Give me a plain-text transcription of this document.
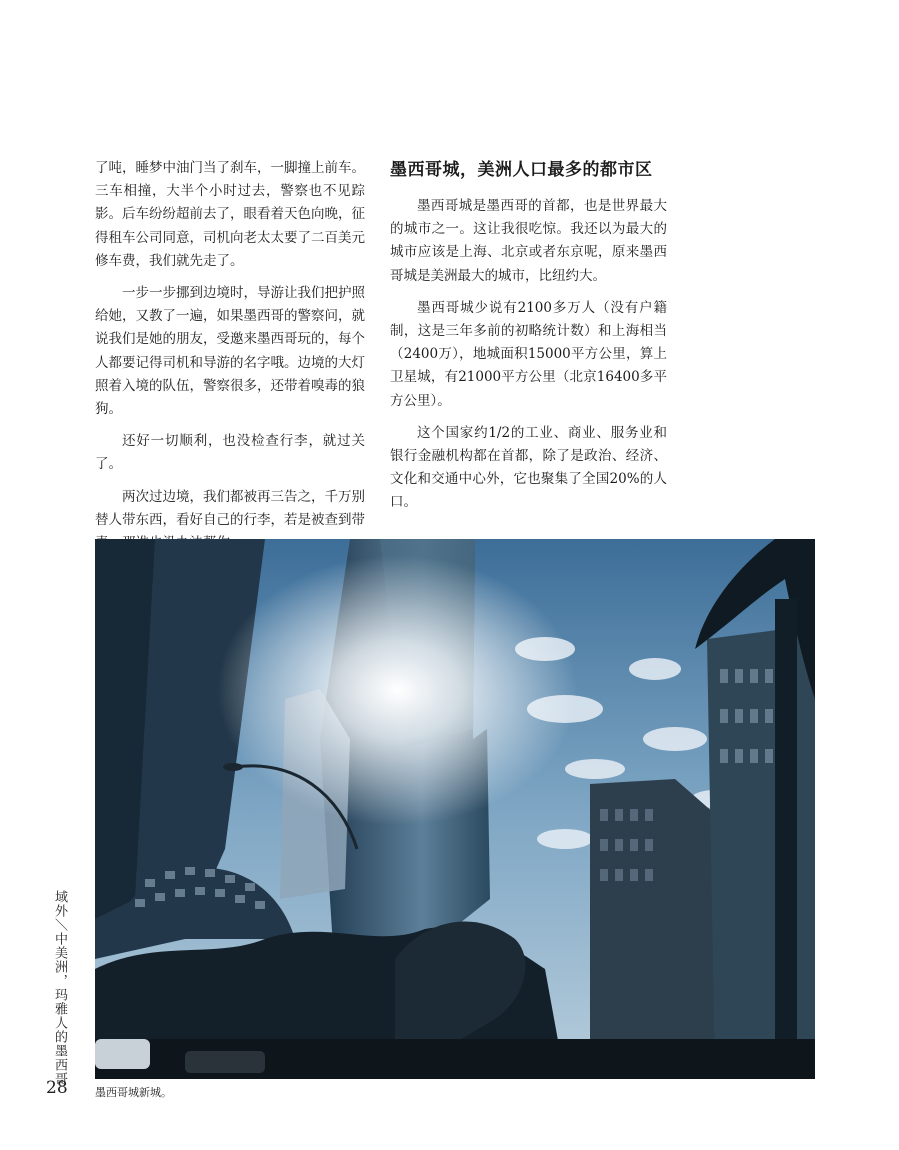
了吨，睡梦中油门当了刹车，一脚撞上前车。三车相撞，大半个小时过去，警察也不见踪影。后车纷纷超前去了，眼看着天色向晚，征得租车公司同意，司机向老太太要了二百美元修车费，我们就先走了。

一步一步挪到边境时，导游让我们把护照给她，又教了一遍，如果墨西哥的警察问，就说我们是她的朋友，受邀来墨西哥玩的，每个人都要记得司机和导游的名字哦。边境的大灯照着入境的队伍，警察很多，还带着嗅毒的狼狗。

还好一切顺利，也没检查行李，就过关了。

两次过边境，我们都被再三告之，千万别替人带东西，看好自己的行李，若是被查到带

墨西哥城，美洲人口最多的都市区

墨西哥城是墨西哥的首都，也是世界最大的城市之一。这让我很吃惊。我还以为最大的城市应该是上海、北京或者东京呢，原来墨西哥城是美洲最大的城市，比纽约大。

墨西哥城少说有2100多万人（没有户籍制，这是三年多前的初略统计数）和上海相当（2400万），地城面积15000平方公里，算上卫星城，有21000平方公里（北京16400多平方公里）。

这个国家约1/2的工业、商业、服务业和银行金融机构都在首都，除了是政治、经济、文化和交通中心外，它也聚集了全国20%的人口。

墨西哥城新城。
域外＼中美洲，玛雅人的墨西哥
28
